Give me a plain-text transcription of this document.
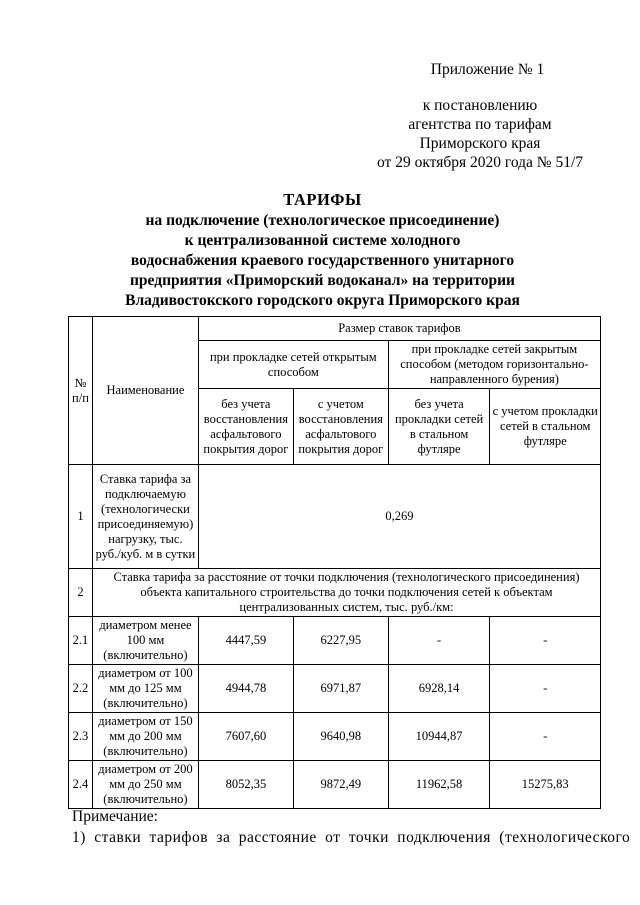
Приложение № 1
к постановлению
агентства по тарифам
Приморского края
от 29 октября 2020 года № 51/7
ТАРИФЫ
на подключение (технологическое присоединение)
к централизованной системе холодного
водоснабжения краевого государственного унитарного
предприятия «Приморский водоканал» на территории
Владивостокского городского округа Приморского края
№ п/п	Наименование	Размер ставок тарифов			
		при прокладке сетей открытым способом		при прокладке сетей закрытым способом (методом горизонтально-направленного бурения)	
		без учета восстановления асфальтового покрытия дорог	с учетом восстановления асфальтового покрытия дорог	без учета прокладки сетей в стальном футляре	с учетом прокладки сетей в стальном футляре
1	Ставка тарифа за подключаемую (технологически присоединяемую) нагрузку, тыс. руб./куб. м в сутки	0,269			
2	Ставка тарифа за расстояние от точки подключения (технологического присоединения) объекта капитального строительства до точки подключения сетей к объектам централизованных систем, тыс. руб./км:				
2.1	диаметром менее 100 мм (включительно)	4447,59	6227,95	-	-
2.2	диаметром от 100 мм до 125 мм (включительно)	4944,78	6971,87	6928,14	-
2.3	диаметром от 150 мм до 200 мм (включительно)	7607,60	9640,98	10944,87	-
2.4	диаметром от 200 мм до 250 мм (включительно)	8052,35	9872,49	11962,58	15275,83
Примечание:
1) ставки тарифов за расстояние от точки подключения (технологического
